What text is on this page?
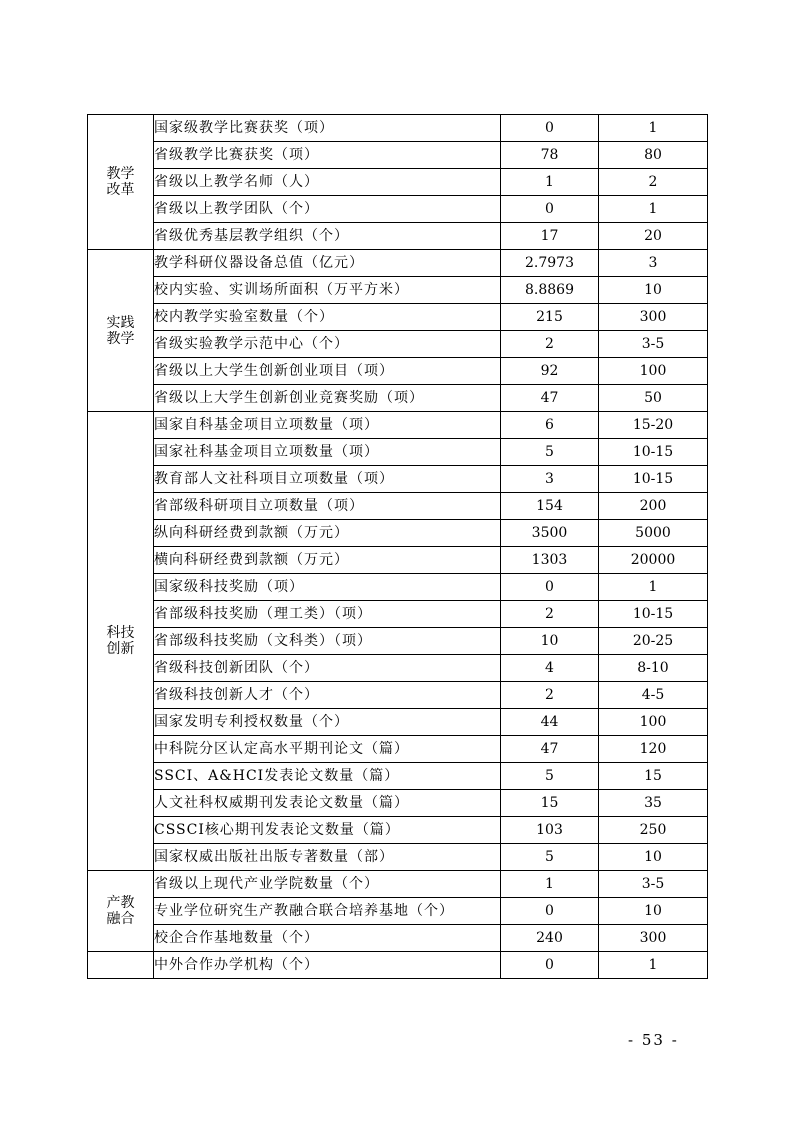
教学
改革	国家级教学比赛获奖（项）	0	1
	省级教学比赛获奖（项）	78	80
	省级以上教学名师（人）	1	2
	省级以上教学团队（个）	0	1
	省级优秀基层教学组织（个）	17	20

实践
教学	教学科研仪器设备总值（亿元）	2.7973	3
	校内实验、实训场所面积（万平方米）	8.8869	10
	校内教学实验室数量（个）	215	300
	省级实验教学示范中心（个）	2	3-5
	省级以上大学生创新创业项目（项）	92	100
	省级以上大学生创新创业竞赛奖励（项）	47	50

科技
创新	国家自科基金项目立项数量（项）	6	15-20
	国家社科基金项目立项数量（项）	5	10-15
	教育部人文社科项目立项数量（项）	3	10-15
	省部级科研项目立项数量（项）	154	200
	纵向科研经费到款额（万元）	3500	5000
	横向科研经费到款额（万元）	1303	20000
	国家级科技奖励（项）	0	1
	省部级科技奖励（理工类）（项）	2	10-15
	省部级科技奖励（文科类）（项）	10	20-25
	省级科技创新团队（个）	4	8-10
	省级科技创新人才（个）	2	4-5
	国家发明专利授权数量（个）	44	100
	中科院分区认定高水平期刊论文（篇）	47	120
	SSCI、A&HCI发表论文数量（篇）	5	15
	人文社科权威期刊发表论文数量（篇）	15	35
	CSSCI核心期刊发表论文数量（篇）	103	250
	国家权威出版社出版专著数量（部）	5	10

产教
融合	省级以上现代产业学院数量（个）	1	3-5
	专业学位研究生产教融合联合培养基地（个）	0	10
	校企合作基地数量（个）	240	300
	中外合作办学机构（个）	0	1
- 53 -
